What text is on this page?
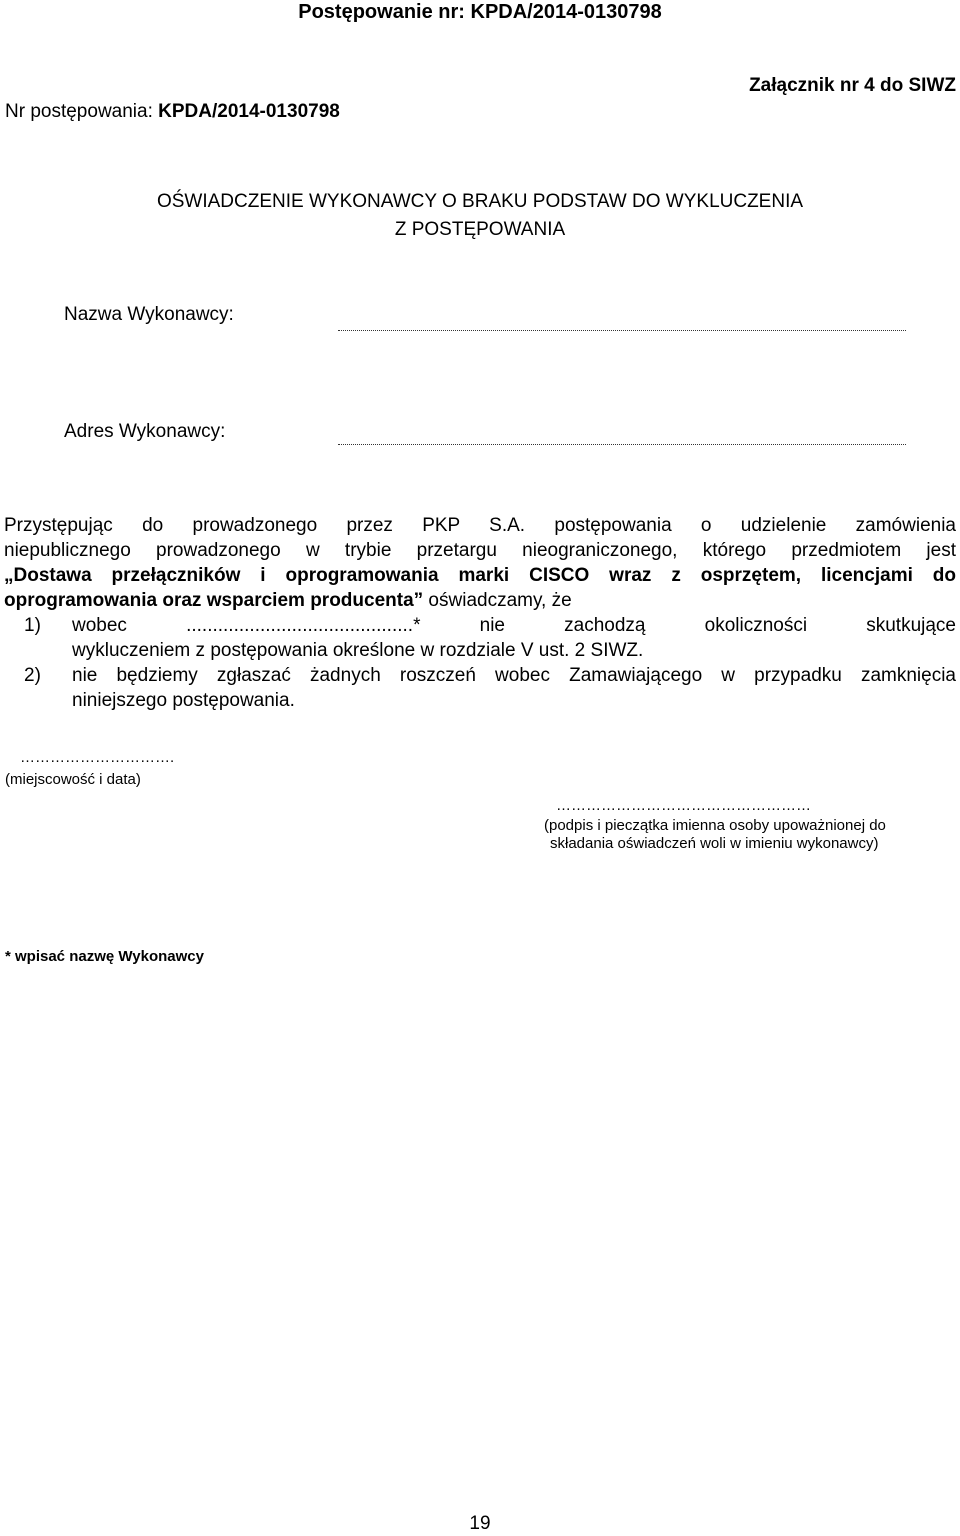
Postępowanie nr: KPDA/2014-0130798
Załącznik nr 4 do SIWZ
Nr postępowania: KPDA/2014-0130798
OŚWIADCZENIE WYKONAWCY O BRAKU PODSTAW DO WYKLUCZENIA
Z POSTĘPOWANIA
Nazwa Wykonawcy:
Adres Wykonawcy:
Przystępując do prowadzonego przez PKP S.A. postępowania o udzielenie zamówienia
niepublicznego prowadzonego w trybie przetargu nieograniczonego, którego przedmiotem jest
„Dostawa przełączników i oprogramowania marki CISCO wraz z osprzętem, licencjami do
oprogramowania oraz wsparciem producenta” oświadczamy, że
1) wobec ...........................................* nie zachodzą okoliczności skutkujące
wykluczeniem z postępowania określone w rozdziale V ust. 2 SIWZ.
2) nie będziemy zgłaszać żadnych roszczeń wobec Zamawiającego w przypadku zamknięcia
niniejszego postępowania.
………………………….
(miejscowość i data)
……………………………………………
(podpis i pieczątka imienna osoby upoważnionej do
składania oświadczeń woli w imieniu wykonawcy)
* wpisać nazwę Wykonawcy
19
